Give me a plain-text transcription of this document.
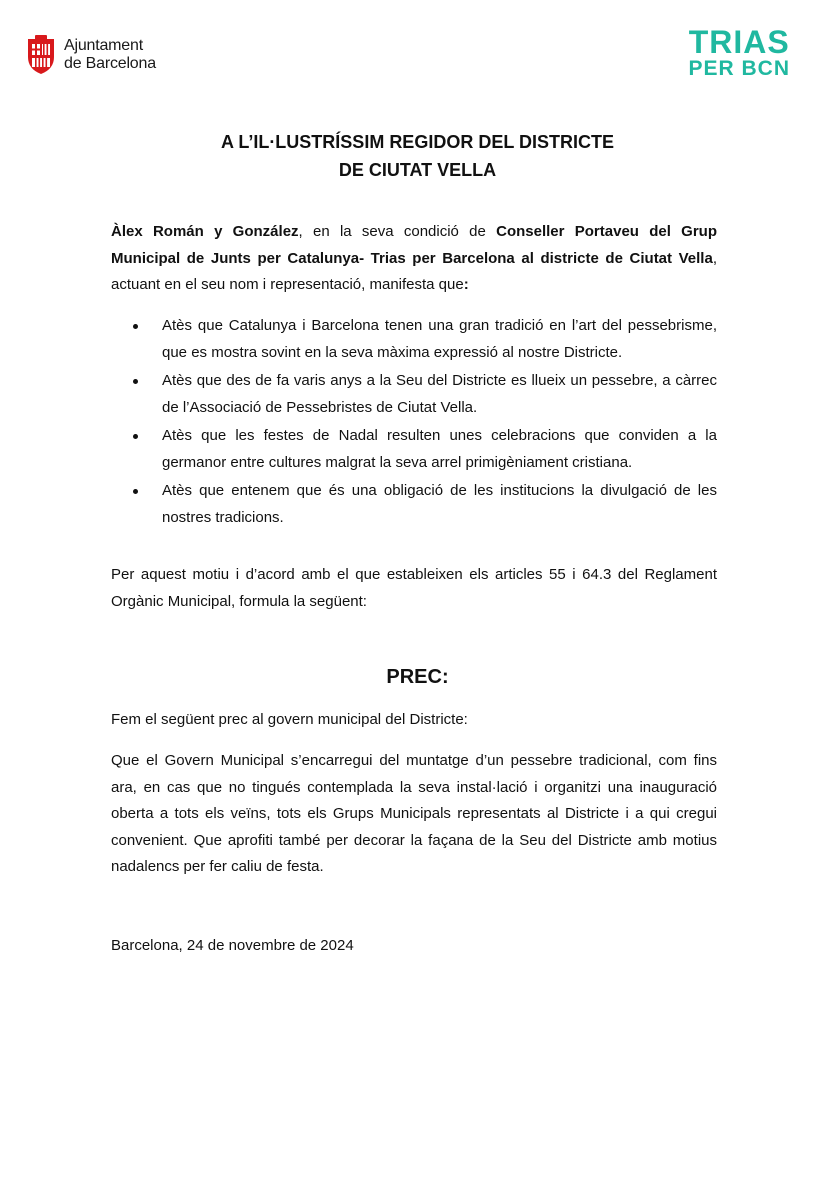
Ajuntament
de Barcelona
TRIAS
PER BCN
A L’IL·LUSTRÍSSIM REGIDOR DEL DISTRICTE
DE CIUTAT VELLA
Àlex Román y González, en la seva condició de Conseller Portaveu del Grup Municipal de Junts per Catalunya- Trias per Barcelona al districte de Ciutat Vella, actuant en el seu nom i representació, manifesta que:
Atès que Catalunya i Barcelona tenen una gran tradició en l’art del pessebrisme, que es mostra sovint en la seva màxima expressió al nostre Districte.
Atès que des de fa varis anys a la Seu del Districte es llueix un pessebre, a càrrec de l’Associació de Pessebristes de Ciutat Vella.
Atès que les festes de Nadal resulten unes celebracions que conviden a la germanor entre cultures malgrat la seva arrel primigèniament cristiana.
Atès que entenem que és una obligació de les institucions la divulgació de les nostres tradicions.
Per aquest motiu i d’acord amb el que estableixen els articles 55 i 64.3 del Reglament Orgànic Municipal, formula la següent:
PREC:
Fem el següent prec al govern municipal del Districte:
Que el Govern Municipal s’encarregui del muntatge d’un pessebre tradicional, com fins ara, en cas que no tingués contemplada la seva instal·lació i organitzi una inauguració oberta a tots els veïns, tots els Grups Municipals representats al Districte i a qui cregui convenient. Que aprofiti també per decorar la façana de la Seu del Districte amb motius nadalencs per fer caliu de festa.
Barcelona, 24 de novembre de 2024
